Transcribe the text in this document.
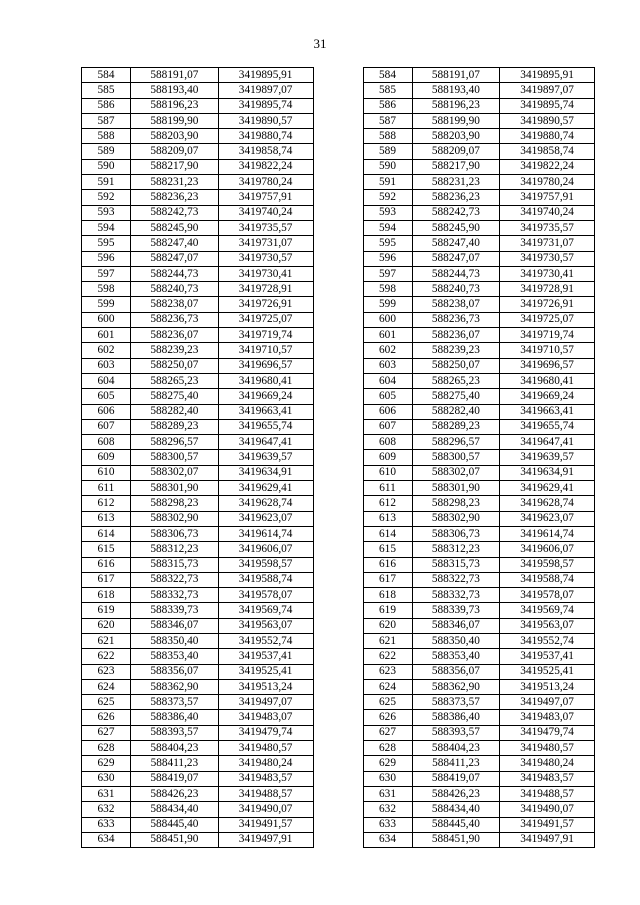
31
584	588191,07	3419895,91
585	588193,40	3419897,07
586	588196,23	3419895,74
587	588199,90	3419890,57
588	588203,90	3419880,74
589	588209,07	3419858,74
590	588217,90	3419822,24
591	588231,23	3419780,24
592	588236,23	3419757,91
593	588242,73	3419740,24
594	588245,90	3419735,57
595	588247,40	3419731,07
596	588247,07	3419730,57
597	588244,73	3419730,41
598	588240,73	3419728,91
599	588238,07	3419726,91
600	588236,73	3419725,07
601	588236,07	3419719,74
602	588239,23	3419710,57
603	588250,07	3419696,57
604	588265,23	3419680,41
605	588275,40	3419669,24
606	588282,40	3419663,41
607	588289,23	3419655,74
608	588296,57	3419647,41
609	588300,57	3419639,57
610	588302,07	3419634,91
611	588301,90	3419629,41
612	588298,23	3419628,74
613	588302,90	3419623,07
614	588306,73	3419614,74
615	588312,23	3419606,07
616	588315,73	3419598,57
617	588322,73	3419588,74
618	588332,73	3419578,07
619	588339,73	3419569,74
620	588346,07	3419563,07
621	588350,40	3419552,74
622	588353,40	3419537,41
623	588356,07	3419525,41
624	588362,90	3419513,24
625	588373,57	3419497,07
626	588386,40	3419483,07
627	588393,57	3419479,74
628	588404,23	3419480,57
629	588411,23	3419480,24
630	588419,07	3419483,57
631	588426,23	3419488,57
632	588434,40	3419490,07
633	588445,40	3419491,57
634	588451,90	3419497,91
584	588191,07	3419895,91
585	588193,40	3419897,07
586	588196,23	3419895,74
587	588199,90	3419890,57
588	588203,90	3419880,74
589	588209,07	3419858,74
590	588217,90	3419822,24
591	588231,23	3419780,24
592	588236,23	3419757,91
593	588242,73	3419740,24
594	588245,90	3419735,57
595	588247,40	3419731,07
596	588247,07	3419730,57
597	588244,73	3419730,41
598	588240,73	3419728,91
599	588238,07	3419726,91
600	588236,73	3419725,07
601	588236,07	3419719,74
602	588239,23	3419710,57
603	588250,07	3419696,57
604	588265,23	3419680,41
605	588275,40	3419669,24
606	588282,40	3419663,41
607	588289,23	3419655,74
608	588296,57	3419647,41
609	588300,57	3419639,57
610	588302,07	3419634,91
611	588301,90	3419629,41
612	588298,23	3419628,74
613	588302,90	3419623,07
614	588306,73	3419614,74
615	588312,23	3419606,07
616	588315,73	3419598,57
617	588322,73	3419588,74
618	588332,73	3419578,07
619	588339,73	3419569,74
620	588346,07	3419563,07
621	588350,40	3419552,74
622	588353,40	3419537,41
623	588356,07	3419525,41
624	588362,90	3419513,24
625	588373,57	3419497,07
626	588386,40	3419483,07
627	588393,57	3419479,74
628	588404,23	3419480,57
629	588411,23	3419480,24
630	588419,07	3419483,57
631	588426,23	3419488,57
632	588434,40	3419490,07
633	588445,40	3419491,57
634	588451,90	3419497,91
